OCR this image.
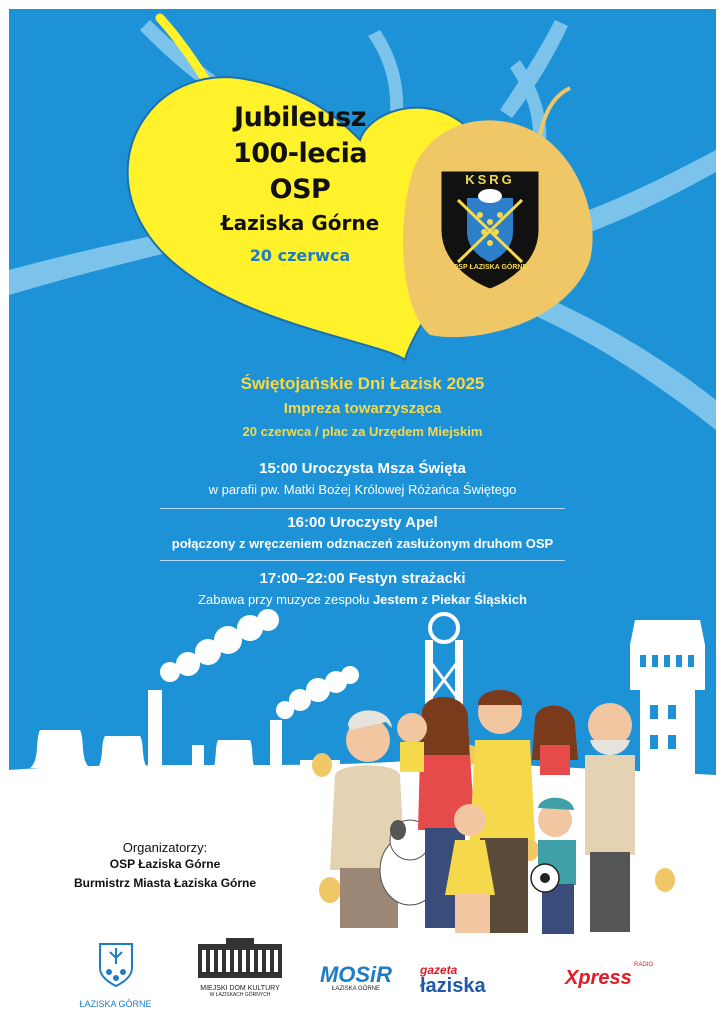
KSRG
OSP ŁAZISKA GÓRNE
Jubileusz
100-lecia
OSP
Łaziska Górne
20 czerwca
Świętojańskie Dni Łazisk 2025
Impreza towarzysząca
20 czerwca / plac za Urzędem Miejskim
15:00 Uroczysta Msza Święta
w parafii pw. Matki Bożej Królowej Różańca Świętego
16:00 Uroczysty Apel
połączony z wręczeniem odznaczeń zasłużonym druhom OSP
17:00–22:00 Festyn strażacki
Zabawa przy muzyce zespołu Jestem z Piekar Śląskich
Organizatorzy:
OSP Łaziska Górne
Burmistrz Miasta Łaziska Górne
ŁAZISKA GÓRNE
MIEJSKI DOM KULTURY
W ŁAZISKACH GÓRNYCH
MOSiR
ŁAZISKA GÓRNE
gazeta
łaziska
RADIO
Xpress
